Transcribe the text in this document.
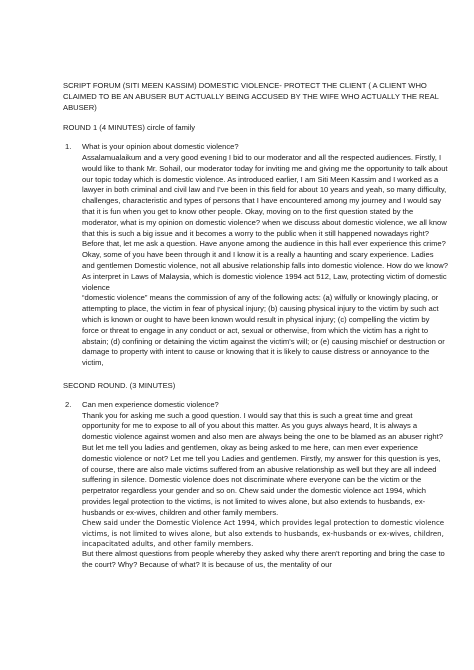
SCRIPT FORUM (SITI MEEN KASSIM) DOMESTIC VIOLENCE- PROTECT THE CLIENT ( A CLIENT WHO CLAIMED TO BE AN ABUSER BUT ACTUALLY BEING ACCUSED BY THE WIFE WHO ACTUALLY THE REAL ABUSER)

ROUND 1 (4 MINUTES) circle of family

1.	What is your opinion about domestic violence?

Assalamualaikum and a very good evening I bid to our moderator and all the respected audiences. Firstly, I would like to thank Mr. Sohail, our moderator today for inviting me and giving me the opportunity to talk about our topic today which is domestic violence. As introduced earlier, I am Siti Meen Kassim and I worked as a lawyer in both criminal and civil law and I've been in this field for about 10 years and yeah, so many difficulty, challenges, characteristic and types of persons that I have encountered among my journey and I would say that it is fun when you get to know other people. Okay, moving on to the first question stated by the moderator, what is my opinion on domestic violence? when we discuss about domestic violence, we all know that this is such a big issue and it becomes a worry to the public when it still happened nowadays right? Before that, let me ask a question. Have anyone among the audience in this hall ever experience this crime? Okay, some of you have been through it and I know it is a really a haunting and scary experience. Ladies and gentlemen Domestic violence, not all abusive relationship falls into domestic violence. How do we know? As interpret in Laws of Malaysia, which is domestic violence 1994 act 512, Law, protecting victim of domestic violence

“domestic violence” means the commission of any of the following acts: (a) wilfully or knowingly placing, or attempting to place, the victim in fear of physical injury; (b) causing physical injury to the victim by such act which is known or ought to have been known would result in physical injury; (c) compelling the victim by force or threat to engage in any conduct or act, sexual or otherwise, from which the victim has a right to abstain; (d) confining or detaining the victim against the victim's will; or (e) causing mischief or destruction or damage to property with intent to cause or knowing that it is likely to cause distress or annoyance to the victim,

SECOND ROUND. (3 MINUTES)

2.	Can men experience domestic violence?

Thank you for asking me such a good question. I would say that this is such a great time and great opportunity for me to expose to all of you about this matter. As you guys always heard, It is always a domestic violence against women and also men are always being the one to be blamed as an abuser right? But let me tell you ladies and gentlemen, okay as being asked to me here, can men ever experience domestic violence or not? Let me tell you Ladies and gentlemen. Firstly, my answer for this question is yes, of course, there are also male victims suffered from an abusive relationship as well but they are all indeed suffering in silence. Domestic violence does not discriminate where everyone can be the victim or the perpetrator regardless your gender and so on. Chew said under the domestic violence act 1994, which provides legal protection to the victims, is not limited to wives alone, but also extends to husbands, ex-husbands or ex-wives, children and other family members.

Chew said under the Domestic Violence Act 1994, which provides legal protection to domestic violence victims, is not limited to wives alone, but also extends to husbands, ex-husbands or ex-wives, children, incapacitated adults, and other family members.

But there almost questions from people whereby they asked why there aren't reporting and bring the case to the court? Why? Because of what? It is because of us, the mentality of our
